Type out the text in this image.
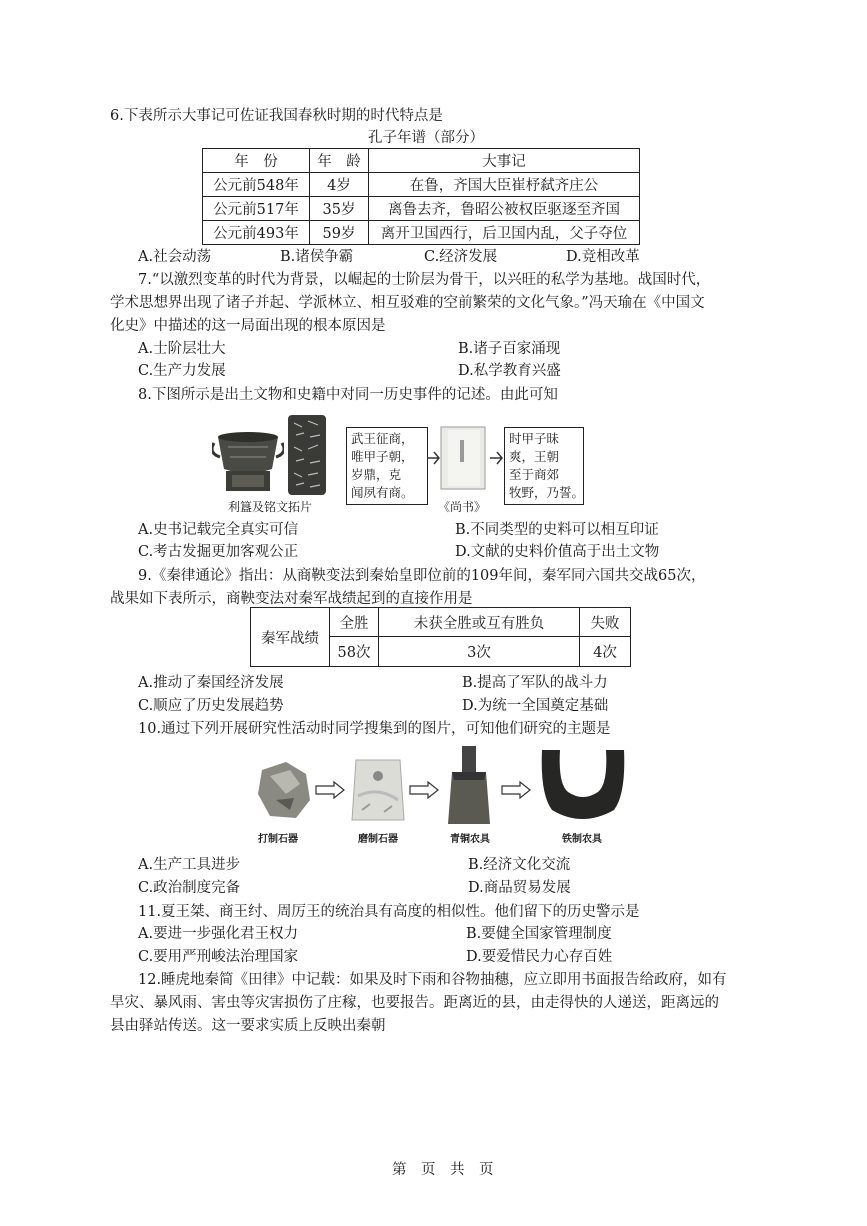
6.下表所示大事记可佐证我国春秋时期的时代特点是
孔子年谱（部分）
年　份	年　龄	大事记
公元前548年	4岁	在鲁，齐国大臣崔杼弑齐庄公
公元前517年	35岁	离鲁去齐，鲁昭公被权臣驱逐至齐国
公元前493年	59岁	离开卫国西行，后卫国内乱，父子夺位
A.社会动荡	B.诸侯争霸	C.经济发展	D.竞相改革
7.“以激烈变革的时代为背景，以崛起的士阶层为骨干，以兴旺的私学为基地。战国时代，
学术思想界出现了诸子并起、学派林立、相互驳难的空前繁荣的文化气象。”冯天瑜在《中国文
化史》中描述的这一局面出现的根本原因是
A.士阶层壮大	B.诸子百家涌现
C.生产力发展	D.私学教育兴盛
8.下图所示是出土文物和史籍中对同一历史事件的记述。由此可知
武王征商，
唯甲子朝，
岁鼎，克
闻夙有商。
时甲子昧
爽，王朝
至于商郊
牧野，乃誓。
利簋及铭文拓片	《尚书》
A.史书记载完全真实可信	B.不同类型的史料可以相互印证
C.考古发掘更加客观公正	D.文献的史料价值高于出土文物
9.《秦律通论》指出：从商鞅变法到秦始皇即位前的109年间，秦军同六国共交战65次，
战果如下表所示，商鞅变法对秦军战绩起到的直接作用是
秦军战绩	全胜	未获全胜或互有胜负	失败
	58次	3次	4次
A.推动了秦国经济发展	B.提高了军队的战斗力
C.顺应了历史发展趋势	D.为统一全国奠定基础
10.通过下列开展研究性活动时同学搜集到的图片，可知他们研究的主题是
打制石器	磨制石器	青铜农具	铁制农具
A.生产工具进步	B.经济文化交流
C.政治制度完备	D.商品贸易发展
11.夏王桀、商王纣、周厉王的统治具有高度的相似性。他们留下的历史警示是
A.要进一步强化君王权力	B.要健全国家管理制度
C.要用严刑峻法治理国家	D.要爱惜民力心存百姓
12.睡虎地秦简《田律》中记载：如果及时下雨和谷物抽穗，应立即用书面报告给政府，如有
旱灾、暴风雨、害虫等灾害损伤了庄稼，也要报告。距离近的县，由走得快的人递送，距离远的
县由驿站传送。这一要求实质上反映出秦朝
第　页　共　页
